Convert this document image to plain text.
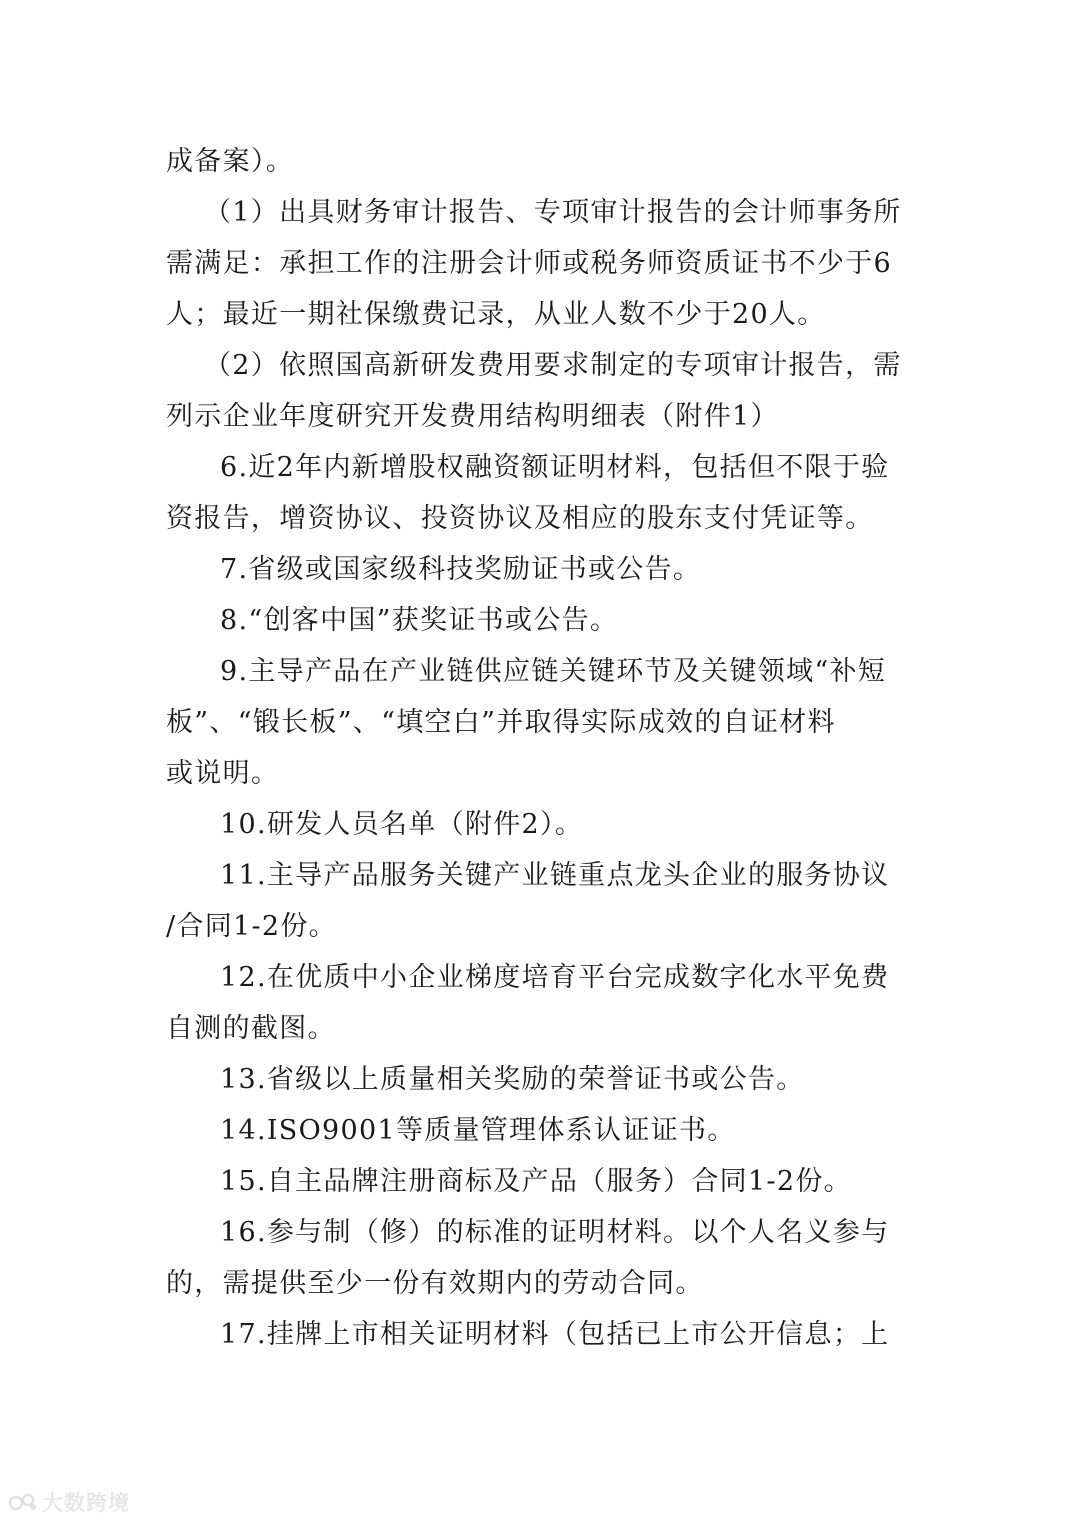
成备案）。
（1）出具财务审计报告、专项审计报告的会计师事务所
需满足：承担工作的注册会计师或税务师资质证书不少于6
人；最近一期社保缴费记录，从业人数不少于20人。
（2）依照国高新研发费用要求制定的专项审计报告，需
列示企业年度研究开发费用结构明细表（附件1）
6.近2年内新增股权融资额证明材料，包括但不限于验
资报告，增资协议、投资协议及相应的股东支付凭证等。
7.省级或国家级科技奖励证书或公告。
8.“创客中国”获奖证书或公告。
9.主导产品在产业链供应链关键环节及关键领域“补短
板”、“锻长板”、“填空白”并取得实际成效的自证材料
或说明。
10.研发人员名单（附件2）。
11.主导产品服务关键产业链重点龙头企业的服务协议
/合同1-2份。
12.在优质中小企业梯度培育平台完成数字化水平免费
自测的截图。
13.省级以上质量相关奖励的荣誉证书或公告。
14.ISO9001等质量管理体系认证证书。
15.自主品牌注册商标及产品（服务）合同1-2份。
16.参与制（修）的标准的证明材料。以个人名义参与
的，需提供至少一份有效期内的劳动合同。
17.挂牌上市相关证明材料（包括已上市公开信息；上
大数跨境
